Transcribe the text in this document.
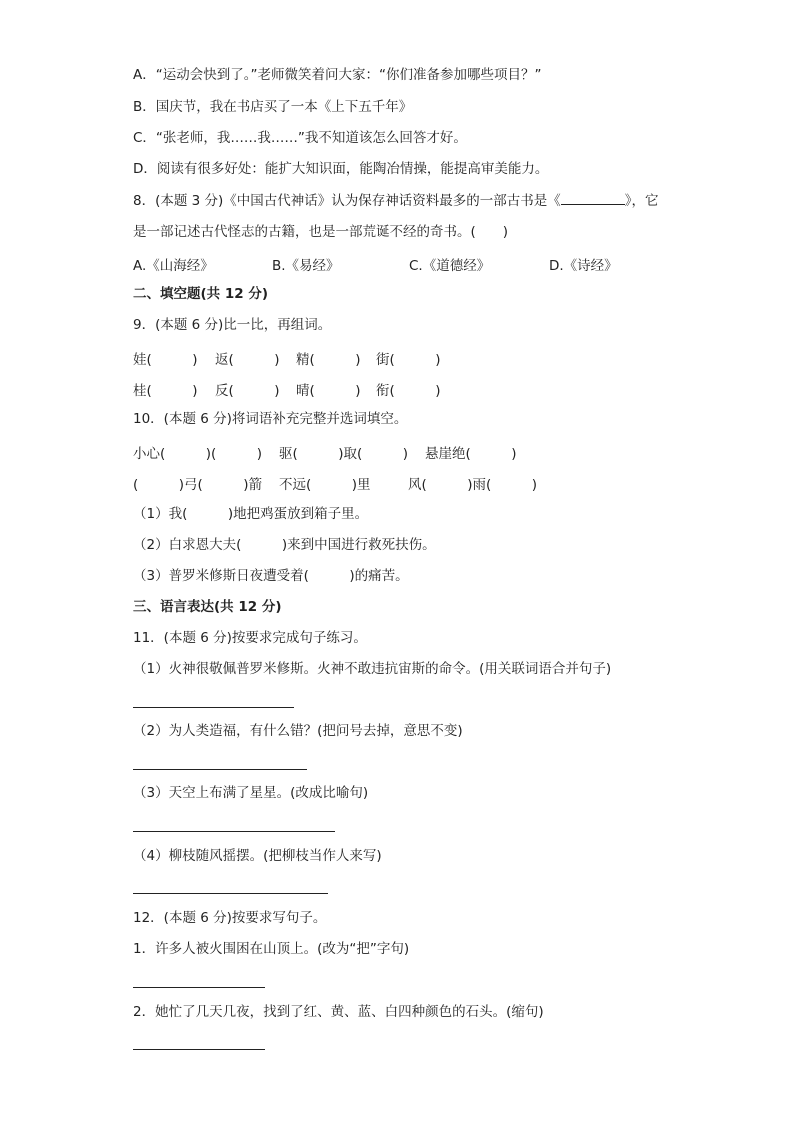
A．“运动会快到了。”老师微笑着问大家：“你们准备参加哪些项目？”
B．国庆节，我在书店买了一本《上下五千年》
C．“张老师，我……我……”我不知道该怎么回答才好。
D．阅读有很多好处：能扩大知识面，能陶冶情操，能提高审美能力。
8．(本题 3 分)《中国古代神话》认为保存神话资料最多的一部古书是《	》，它
是一部记述古代怪志的古籍，也是一部荒诞不经的奇书。(　　)
A.《山海经》	B.《易经》	C.《道德经》	D.《诗经》
二、填空题(共 12 分)
9．(本题 6 分)比一比，再组词。
娃(　　　) 返(　　　) 精(　　　) 街(　　　)
桂(　　　) 反(　　　) 晴(　　　) 衔(　　　)
10．(本题 6 分)将词语补充完整并选词填空。
小心(　　　)(　　　) 驱(　　　)取(　　　) 悬崖绝(　　　)
(　　　)弓(　　　)箭 不远(　　　)里	风(　　　)雨(　　　)
（1）我(　　　)地把鸡蛋放到箱子里。
（2）白求恩大夫(　　　)来到中国进行救死扶伤。
（3）普罗米修斯日夜遭受着(　　　)的痛苦。
三、语言表达(共 12 分)
11．(本题 6 分)按要求完成句子练习。
（1）火神很敬佩普罗米修斯。火神不敢违抗宙斯的命令。(用关联词语合并句子)
（2）为人类造福，有什么错？(把问号去掉，意思不变)
（3）天空上布满了星星。(改成比喻句)
（4）柳枝随风摇摆。(把柳枝当作人来写)
12．(本题 6 分)按要求写句子。
1．许多人被火围困在山顶上。(改为“把”字句)
2．她忙了几天几夜，找到了红、黄、蓝、白四种颜色的石头。(缩句)
